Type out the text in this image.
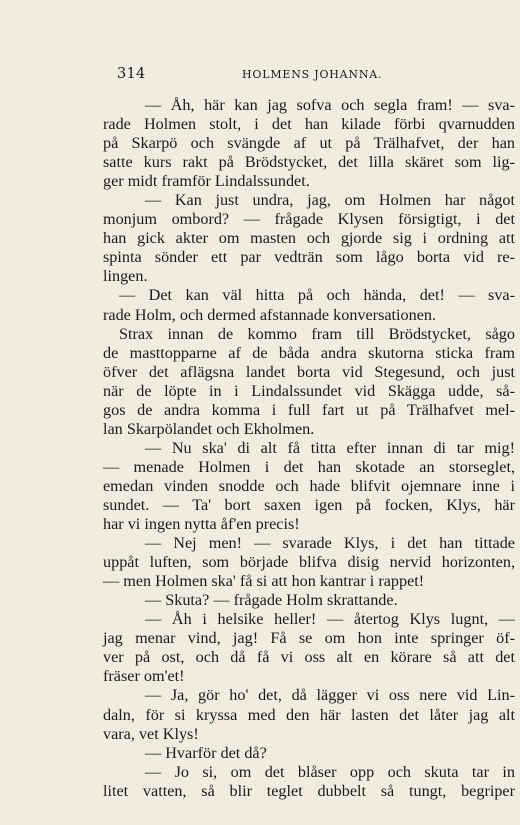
314	HOLMENS JOHANNA.
— Åh, här kan jag sofva och segla fram! — sva-
rade Holmen stolt, i det han kilade förbi qvarnudden
på Skarpö och svängde af ut på Trälhafvet, der han
satte kurs rakt på Brödstycket, det lilla skäret som lig-
ger midt framför Lindalssundet.
— Kan just undra, jag, om Holmen har något
monjum ombord? — frågade Klysen försigtigt, i det
han gick akter om masten och gjorde sig i ordning att
spinta sönder ett par vedträn som lågo borta vid re-
lingen.
— Det kan väl hitta på och hända, det! — sva-
rade Holm, och dermed afstannade konversationen.
Strax innan de kommo fram till Brödstycket, sågo
de masttopparne af de båda andra skutorna sticka fram
öfver det aflägsna landet borta vid Stegesund, och just
när de löpte in i Lindalssundet vid Skägga udde, så-
gos de andra komma i full fart ut på Trälhafvet mel-
lan Skarpölandet och Ekholmen.
— Nu ska' di alt få titta efter innan di tar mig!
— menade Holmen i det han skotade an storseglet,
emedan vinden snodde och hade blifvit ojemnare inne i
sundet. — Ta' bort saxen igen på focken, Klys, här
har vi ingen nytta åf'en precis!
— Nej men! — svarade Klys, i det han tittade
uppåt luften, som började blifva disig nervid horizonten,
— men Holmen ska' få si att hon kantrar i rappet!
— Skuta? — frågade Holm skrattande.
— Åh i helsike heller! — återtog Klys lugnt, —
jag menar vind, jag! Få se om hon inte springer öf-
ver på ost, och då få vi oss alt en körare så att det
fräser om'et!
— Ja, gör ho' det, då lägger vi oss nere vid Lin-
daln, för si kryssa med den här lasten det låter jag alt
vara, vet Klys!
— Hvarför det då?
— Jo si, om det blåser opp och skuta tar in
litet vatten, så blir teglet dubbelt så tungt, begriper
